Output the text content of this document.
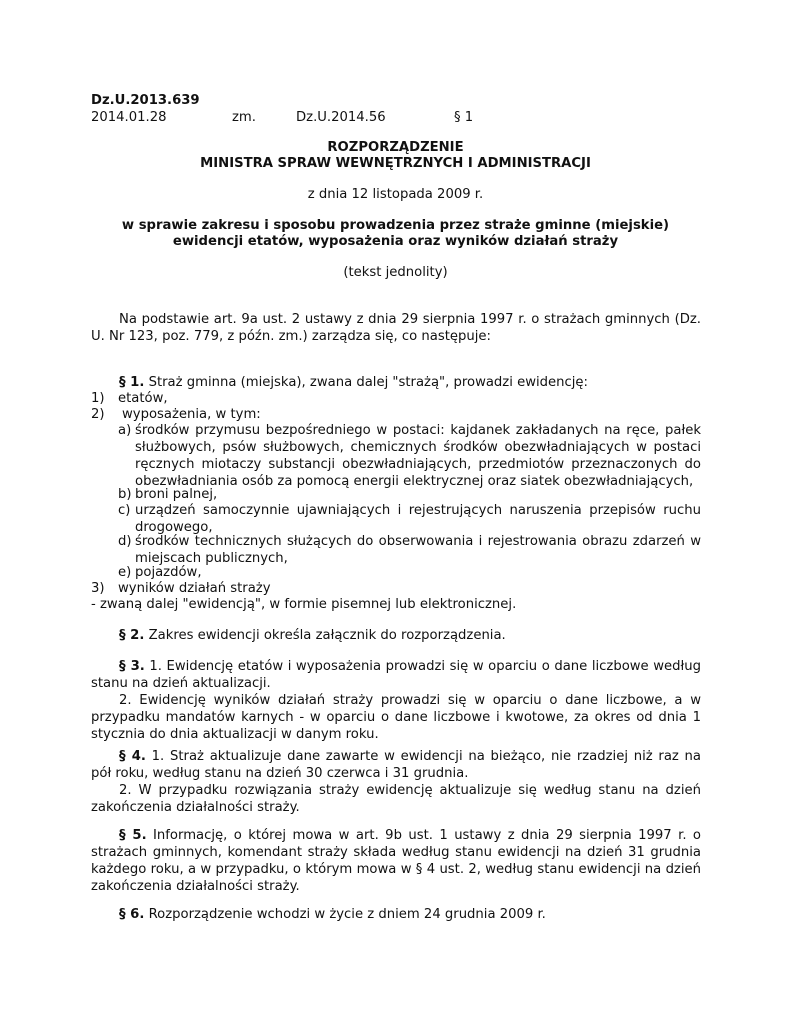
Dz.U.2013.639
2014.01.28	zm.	Dz.U.2014.56	§ 1
ROZPORZĄDZENIE
MINISTRA SPRAW WEWNĘTRZNYCH I ADMINISTRACJI
z dnia 12 listopada 2009 r.
w sprawie zakresu i sposobu prowadzenia przez straże gminne (miejskie)
ewidencji etatów, wyposażenia oraz wyników działań straży
(tekst jednolity)
Na podstawie art. 9a ust. 2 ustawy z dnia 29 sierpnia 1997 r. o strażach gminnych (Dz.
U. Nr 123, poz. 779, z późn. zm.) zarządza się, co następuje:
§ 1. Straż gminna (miejska), zwana dalej "strażą", prowadzi ewidencję:
1) etatów,
2) wyposażenia, w tym:
a) środków przymusu bezpośredniego w postaci: kajdanek zakładanych na ręce, pałek
służbowych, psów służbowych, chemicznych środków obezwładniających w postaci
ręcznych miotaczy substancji obezwładniających, przedmiotów przeznaczonych do
obezwładniania osób za pomocą energii elektrycznej oraz siatek obezwładniających,
b) broni palnej,
c) urządzeń samoczynnie ujawniających i rejestrujących naruszenia przepisów ruchu
drogowego,
d) środków technicznych służących do obserwowania i rejestrowania obrazu zdarzeń w
miejscach publicznych,
e) pojazdów,
3) wyników działań straży
- zwaną dalej "ewidencją", w formie pisemnej lub elektronicznej.
§ 2. Zakres ewidencji określa załącznik do rozporządzenia.
§ 3. 1. Ewidencję etatów i wyposażenia prowadzi się w oparciu o dane liczbowe według
stanu na dzień aktualizacji.
2. Ewidencję wyników działań straży prowadzi się w oparciu o dane liczbowe, a w
przypadku mandatów karnych - w oparciu o dane liczbowe i kwotowe, za okres od dnia 1
stycznia do dnia aktualizacji w danym roku.
§ 4. 1. Straż aktualizuje dane zawarte w ewidencji na bieżąco, nie rzadziej niż raz na
pół roku, według stanu na dzień 30 czerwca i 31 grudnia.
2. W przypadku rozwiązania straży ewidencję aktualizuje się według stanu na dzień
zakończenia działalności straży.
§ 5. Informację, o której mowa w art. 9b ust. 1 ustawy z dnia 29 sierpnia 1997 r. o
strażach gminnych, komendant straży składa według stanu ewidencji na dzień 31 grudnia
każdego roku, a w przypadku, o którym mowa w § 4 ust. 2, według stanu ewidencji na dzień
zakończenia działalności straży.
§ 6. Rozporządzenie wchodzi w życie z dniem 24 grudnia 2009 r.
